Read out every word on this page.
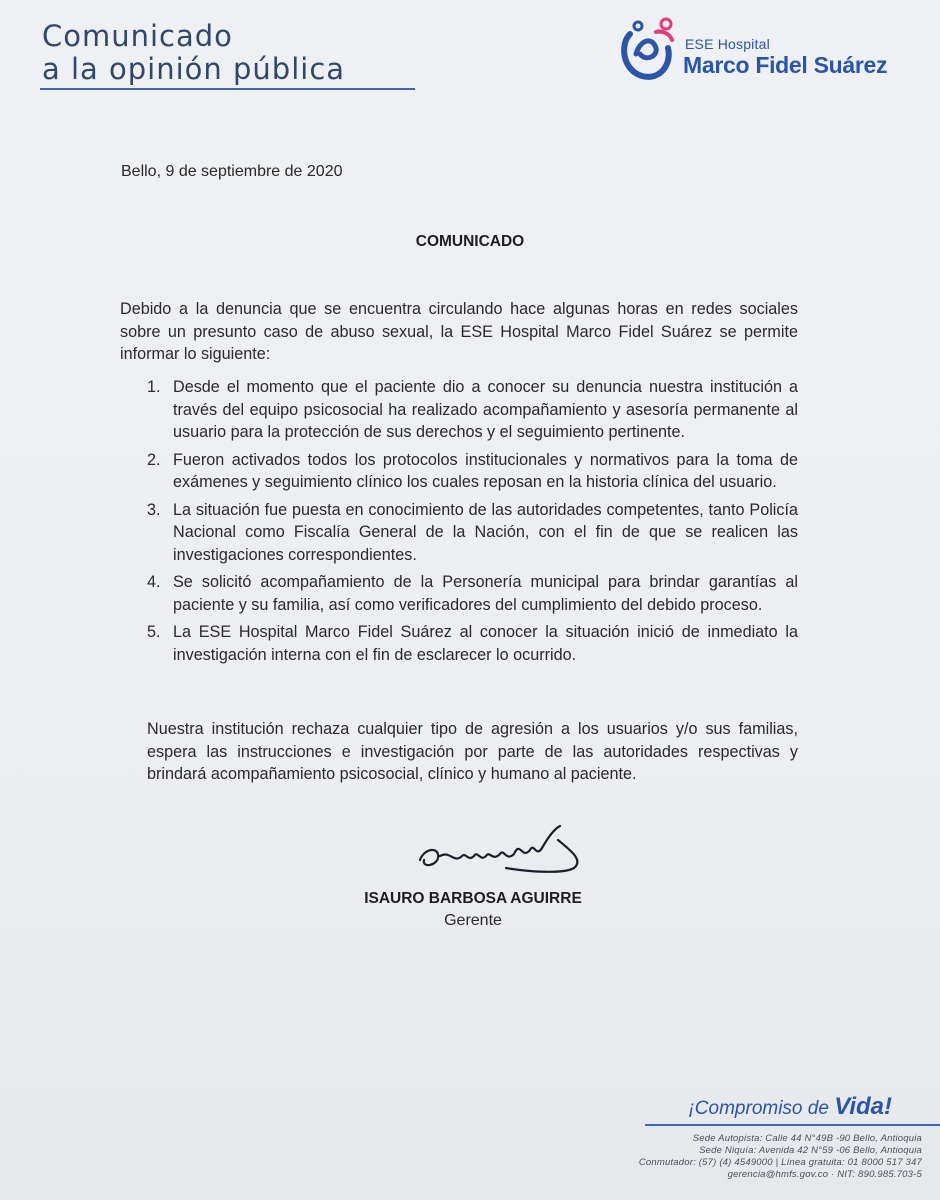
Comunicado
a la opinión pública
ESE Hospital
Marco Fidel Suárez
Bello, 9 de septiembre de 2020
COMUNICADO
Debido a la denuncia que se encuentra circulando hace algunas horas en redes sociales sobre un presunto caso de abuso sexual, la ESE Hospital Marco Fidel Suárez se permite informar lo siguiente:
1. Desde el momento que el paciente dio a conocer su denuncia nuestra institución a través del equipo psicosocial ha realizado acompañamiento y asesoría permanente al usuario para la protección de sus derechos y el seguimiento pertinente.
2. Fueron activados todos los protocolos institucionales y normativos para la toma de exámenes y seguimiento clínico los cuales reposan en la historia clínica del usuario.
3. La situación fue puesta en conocimiento de las autoridades competentes, tanto Policía Nacional como Fiscalía General de la Nación, con el fin de que se realicen las investigaciones correspondientes.
4. Se solicitó acompañamiento de la Personería municipal para brindar garantías al paciente y su familia, así como verificadores del cumplimiento del debido proceso.
5. La ESE Hospital Marco Fidel Suárez al conocer la situación inició de inmediato la investigación interna con el fin de esclarecer lo ocurrido.
Nuestra institución rechaza cualquier tipo de agresión a los usuarios y/o sus familias, espera las instrucciones e investigación por parte de las autoridades respectivas y brindará acompañamiento psicosocial, clínico y humano al paciente.
ISAURO BARBOSA AGUIRRE
Gerente
¡Compromiso de Vida!
Sede Autopista: Calle 44 N°49B -90 Bello, Antioquia
Sede Niquía: Avenida 42 N°59 -06 Bello, Antioquia
Conmutador: (57) (4) 4549000 | Línea gratuita: 01 8000 517 347
gerencia@hmfs.gov.co · NIT: 890.985.703-5
